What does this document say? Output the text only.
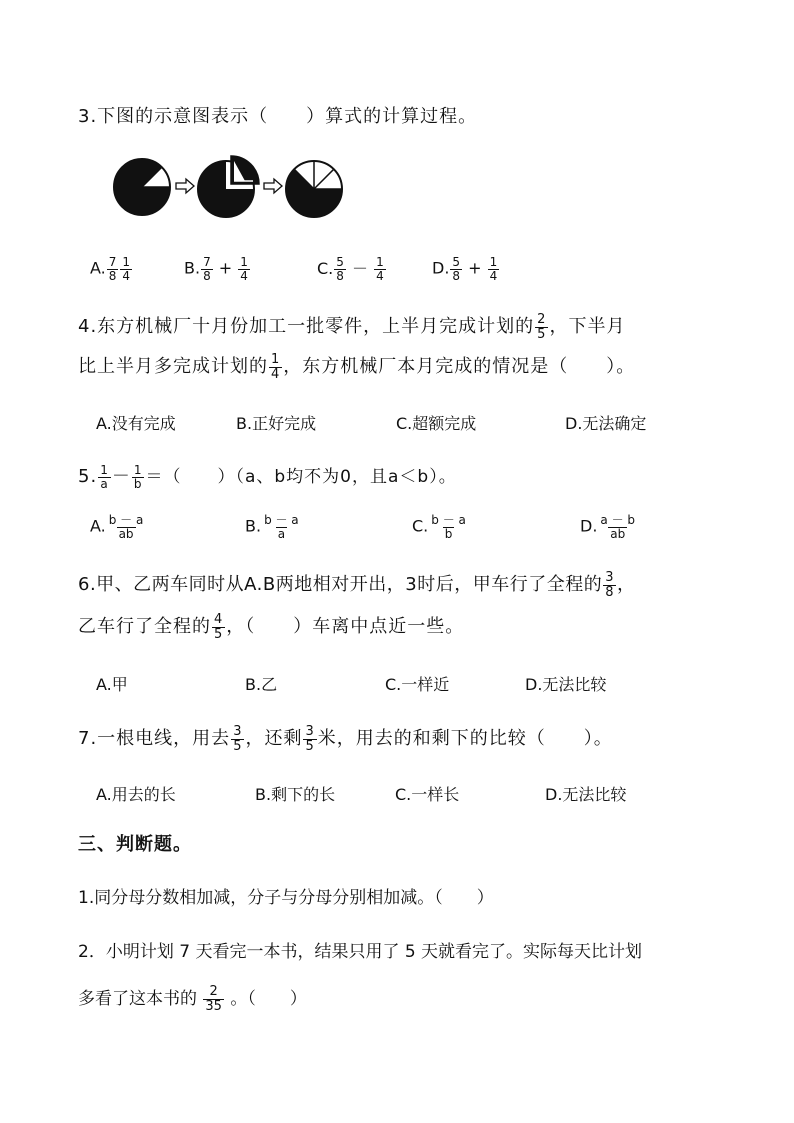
3.下图的示意图表示（　　）算式的计算过程。
A. $\frac{7}{8} \frac{1}{4}$	B. $\frac{7}{8} + \frac{1}{4}$	C. $\frac{5}{8} - \frac{1}{4}$	D. $\frac{5}{8} + \frac{1}{4}$
4.东方机械厂十月份加工一批零件，上半月完成计划的 $\frac{2}{5}$ ，下半月
比上半月多完成计划的 $\frac{1}{4}$ ，东方机械厂本月完成的情况是（　　）。
A.没有完成	B.正好完成	C.超额完成	D.无法确定
5. $\frac{1}{a} - \frac{1}{b}$ ＝（　　）（a、b均不为0，且a＜b）。
A. $\frac{b - a}{ab}$	B. $\frac{b - a}{a}$	C. $\frac{b - a}{b}$	D. $\frac{a - b}{ab}$
6.甲、乙两车同时从A.B两地相对开出，3时后，甲车行了全程的 $\frac{3}{8}$ ，
乙车行了全程的 $\frac{4}{5}$ ，（　　）车离中点近一些。
A.甲	B.乙	C.一样近	D.无法比较
7.一根电线，用去 $\frac{3}{5}$ ，还剩 $\frac{3}{5}$ 米，用去的和剩下的比较（　　）。
A.用去的长	B.剩下的长	C.一样长	D.无法比较
三、判断题。
1.同分母分数相加减，分子与分母分别相加减。（　　）
2．小明计划 7 天看完一本书，结果只用了 5 天就看完了。实际每天比计划
多看了这本书的 $\frac{2}{35}$ 。（　　）
